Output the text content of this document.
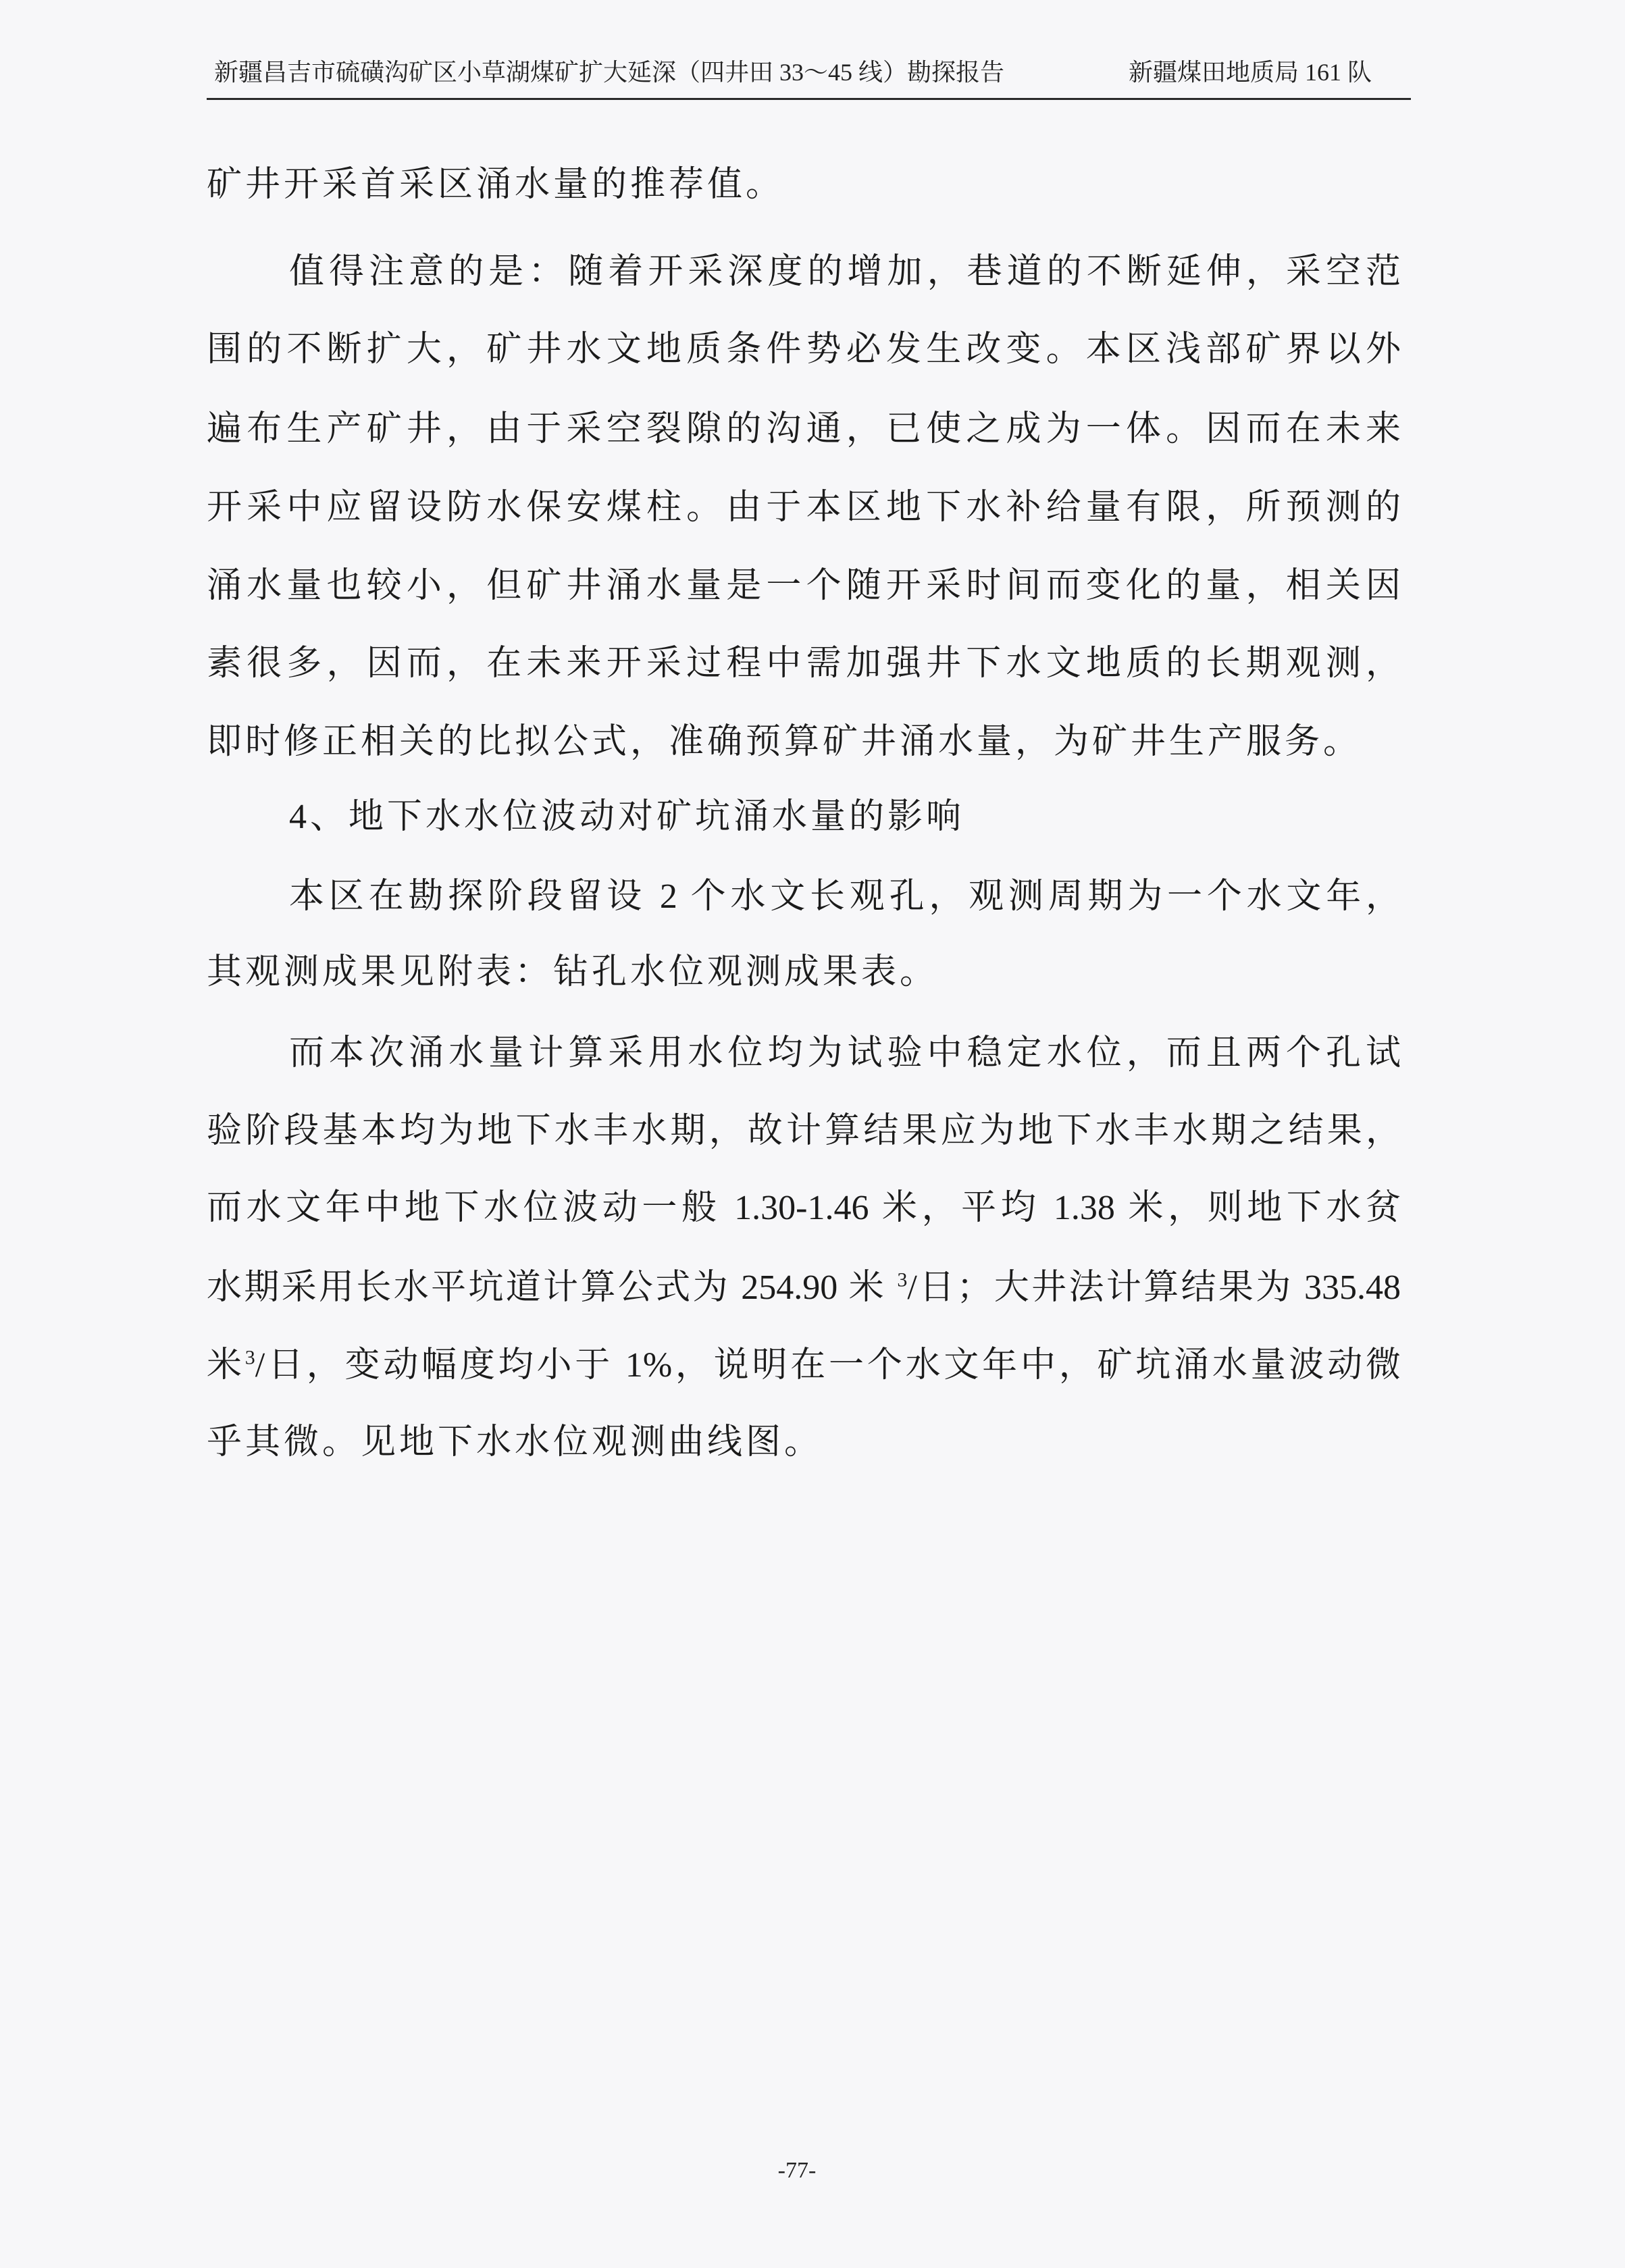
新疆昌吉市硫磺沟矿区小草湖煤矿扩大延深（四井田 33～45 线）勘探报告	新疆煤田地质局 161 队
矿井开采首采区涌水量的推荐值。
值得注意的是：随着开采深度的增加，巷道的不断延伸，采空范
围的不断扩大，矿井水文地质条件势必发生改变。本区浅部矿界以外
遍布生产矿井，由于采空裂隙的沟通，已使之成为一体。因而在未来
开采中应留设防水保安煤柱。由于本区地下水补给量有限，所预测的
涌水量也较小，但矿井涌水量是一个随开采时间而变化的量，相关因
素很多，因而，在未来开采过程中需加强井下水文地质的长期观测，
即时修正相关的比拟公式，准确预算矿井涌水量，为矿井生产服务。
4、地下水水位波动对矿坑涌水量的影响
本区在勘探阶段留设 2 个水文长观孔，观测周期为一个水文年，
其观测成果见附表：钻孔水位观测成果表。
而本次涌水量计算采用水位均为试验中稳定水位，而且两个孔试
验阶段基本均为地下水丰水期，故计算结果应为地下水丰水期之结果，
而水文年中地下水位波动一般 1.30-1.46 米，平均 1.38 米，则地下水贫
水期采用长水平坑道计算公式为 254.90 米 $^3$/日；大井法计算结果为 335.48
米$^3$/日，变动幅度均小于 1%，说明在一个水文年中，矿坑涌水量波动微
乎其微。见地下水水位观测曲线图。
-77-
